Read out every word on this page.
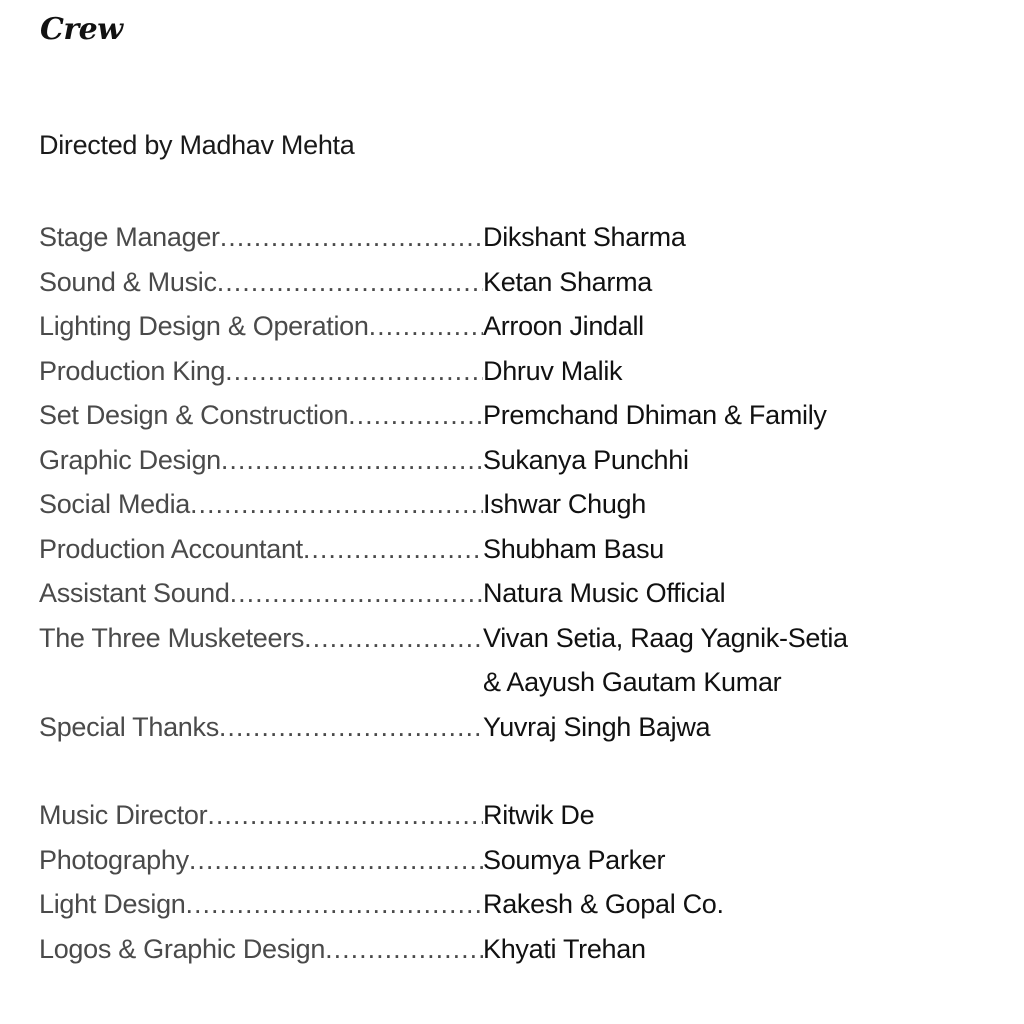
Crew
Directed by Madhav Mehta
Stage Manager .....	Dikshant Sharma
Sound & Music .....	Ketan Sharma
Lighting Design & Operation .....	Arroon Jindall
Production King .....	Dhruv Malik
Set Design & Construction .....	Premchand Dhiman & Family
Graphic Design .....	Sukanya Punchhi
Social Media .....	Ishwar Chugh
Production Accountant .....	Shubham Basu
Assistant Sound .....	Natura Music Official
The Three Musketeers .....	Vivan Setia, Raag Yagnik-Setia
& Aayush Gautam Kumar
Special Thanks .....	Yuvraj Singh Bajwa
Music Director .....	Ritwik De
Photography .....	Soumya Parker
Light Design .....	Rakesh & Gopal Co.
Logos & Graphic Design .....	Khyati Trehan
